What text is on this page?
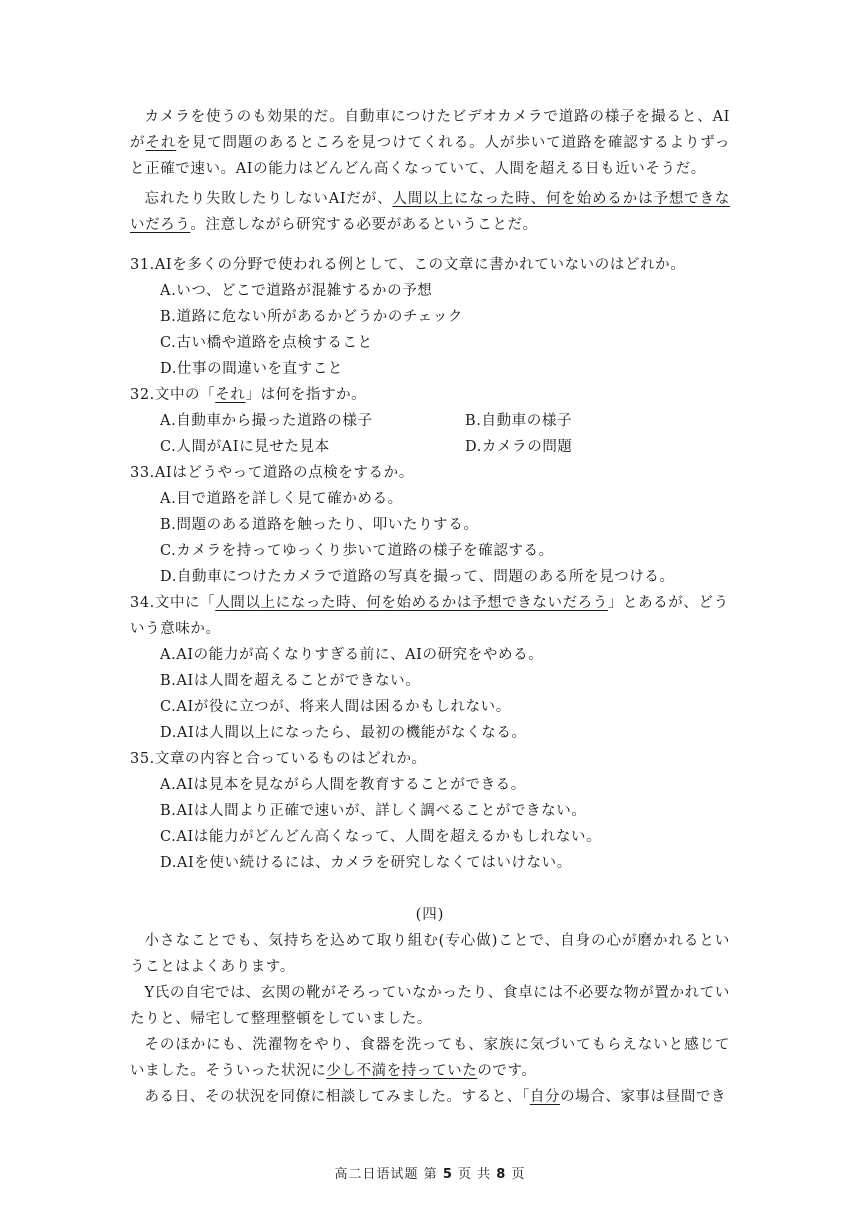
カメラを使うのも効果的だ。自動車につけたビデオカメラで道路の様子を撮ると、AIがそれを見て問題のあるところを見つけてくれる。人が歩いて道路を確認するよりずっと正確で速い。AIの能力はどんどん高くなっていて、人間を超える日も近いそうだ。

忘れたり失敗したりしないAIだが、人間以上になった時、何を始めるかは予想できないだろう。注意しながら研究する必要があるということだ。

31.AIを多くの分野で使われる例として、この文章に書かれていないのはどれか。

A.いつ、どこで道路が混雑するかの予想

B.道路に危ない所があるかどうかのチェック

C.古い橋や道路を点検すること

D.仕事の間違いを直すこと

32.文中の「それ」は何を指すか。

A.自動車から撮った道路の様子	B.自動車の様子
C.人間がAIに見せた見本	D.カメラの問題

33.AIはどうやって道路の点検をするか。

A.目で道路を詳しく見て確かめる。

B.問題のある道路を触ったり、叩いたりする。

C.カメラを持ってゆっくり歩いて道路の様子を確認する。

D.自動車につけたカメラで道路の写真を撮って、問題のある所を見つける。

34.文中に「人間以上になった時、何を始めるかは予想できないだろう」とあるが、どういう意味か。

A.AIの能力が高くなりすぎる前に、AIの研究をやめる。

B.AIは人間を超えることができない。

C.AIが役に立つが、将来人間は困るかもしれない。

D.AIは人間以上になったら、最初の機能がなくなる。

35.文章の内容と合っているものはどれか。

A.AIは見本を見ながら人間を教育することができる。

B.AIは人間より正確で速いが、詳しく調べることができない。

C.AIは能力がどんどん高くなって、人間を超えるかもしれない。

D.AIを使い続けるには、カメラを研究しなくてはいけない。

(四)

小さなことでも、気持ちを込めて取り組む(专心做)ことで、自身の心が磨かれるということはよくあります。

Y氏の自宅では、玄関の靴がそろっていなかったり、食卓には不必要な物が置かれていたりと、帰宅して整理整頓をしていました。

そのほかにも、洗濯物をやり、食器を洗っても、家族に気づいてもらえないと感じていました。そういった状況に少し不満を持っていたのです。

ある日、その状況を同僚に相談してみました。すると、「自分の場合、家事は昼間でき

高二日语试题 第 5 页 共 8 页
